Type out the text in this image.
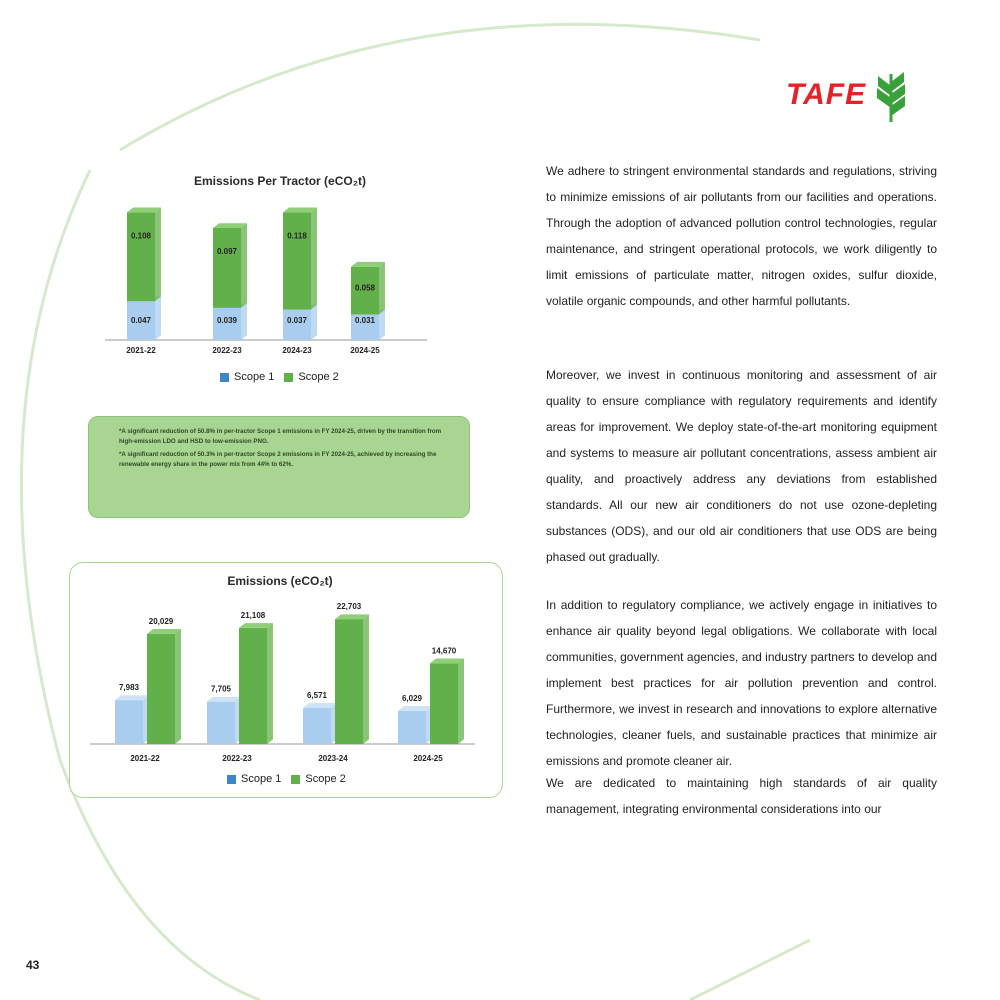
TAFE
Emissions Per Tractor (eCO₂t)
0.047
0.108
2021-22
0.039
0.097
2022-23
0.037
0.118
2024-23
0.031
0.058
2024-25
Scope 1 Scope 2

*A significant reduction of 50.8% in per-tractor Scope 1 emissions in FY 2024-25, driven by the transition from high-emission LDO and HSD to low-emission PNG.

*A significant reduction of 50.3% in per-tractor Scope 2 emissions in FY 2024-25, achieved by increasing the renewable energy share in the power mix from 44% to 62%.

Emissions (eCO₂t)
7,983
20,029
2021-22
7,705
21,108
2022-23
6,571
22,703
2023-24
6,029
14,670
2024-25
Scope 1 Scope 2

We adhere to stringent environmental standards and regulations, striving to minimize emissions of air pollutants from our facilities and operations. Through the adoption of advanced pollution control technologies, regular maintenance, and stringent operational protocols, we work diligently to limit emissions of particulate matter, nitrogen oxides, sulfur dioxide, volatile organic compounds, and other harmful pollutants.

Moreover, we invest in continuous monitoring and assessment of air quality to ensure compliance with regulatory requirements and identify areas for improvement. We deploy state-of-the-art monitoring equipment and systems to measure air pollutant concentrations, assess ambient air quality, and proactively address any deviations from established standards. All our new air conditioners do not use ozone-depleting substances (ODS), and our old air conditioners that use ODS are being phased out gradually.

In addition to regulatory compliance, we actively engage in initiatives to enhance air quality beyond legal obligations. We collaborate with local communities, government agencies, and industry partners to develop and implement best practices for air pollution prevention and control. Furthermore, we invest in research and innovations to explore alternative technologies, cleaner fuels, and sustainable practices that minimize air emissions and promote cleaner air.

We are dedicated to maintaining high standards of air quality management, integrating environmental considerations into our

43
